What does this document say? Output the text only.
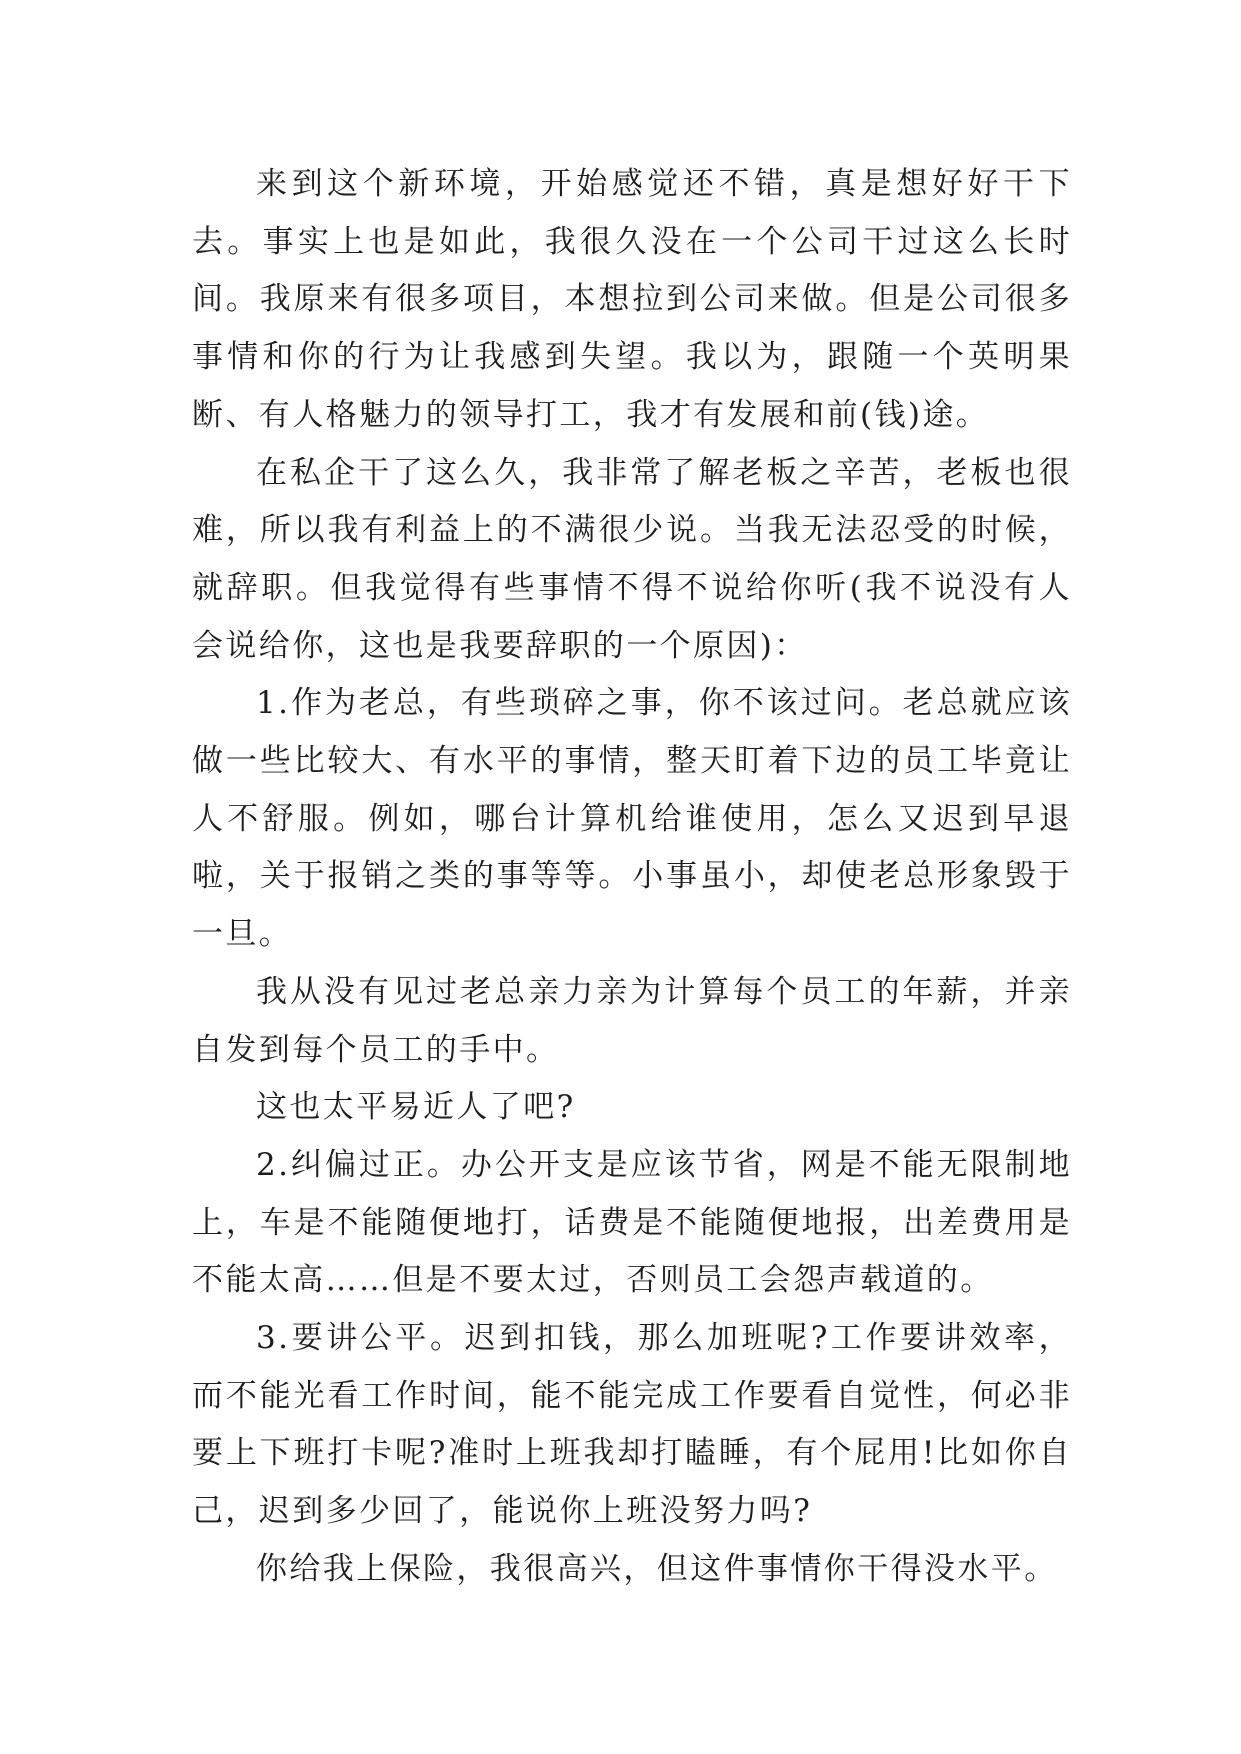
来到这个新环境，开始感觉还不错，真是想好好干下去。事实上也是如此，我很久没在一个公司干过这么长时间。我原来有很多项目，本想拉到公司来做。但是公司很多事情和你的行为让我感到失望。我以为，跟随一个英明果断、有人格魅力的领导打工，我才有发展和前(钱)途。

在私企干了这么久，我非常了解老板之辛苦，老板也很难，所以我有利益上的不满很少说。当我无法忍受的时候，就辞职。但我觉得有些事情不得不说给你听(我不说没有人会说给你，这也是我要辞职的一个原因)：

1.作为老总，有些琐碎之事，你不该过问。老总就应该做一些比较大、有水平的事情，整天盯着下边的员工毕竟让人不舒服。例如，哪台计算机给谁使用，怎么又迟到早退啦，关于报销之类的事等等。小事虽小，却使老总形象毁于一旦。

我从没有见过老总亲力亲为计算每个员工的年薪，并亲自发到每个员工的手中。

这也太平易近人了吧?

2.纠偏过正。办公开支是应该节省，网是不能无限制地上，车是不能随便地打，话费是不能随便地报，出差费用是不能太高……但是不要太过，否则员工会怨声载道的。

3.要讲公平。迟到扣钱，那么加班呢?工作要讲效率，而不能光看工作时间，能不能完成工作要看自觉性，何必非要上下班打卡呢?准时上班我却打瞌睡，有个屁用!比如你自己，迟到多少回了，能说你上班没努力吗?

你给我上保险，我很高兴，但这件事情你干得没水平。
